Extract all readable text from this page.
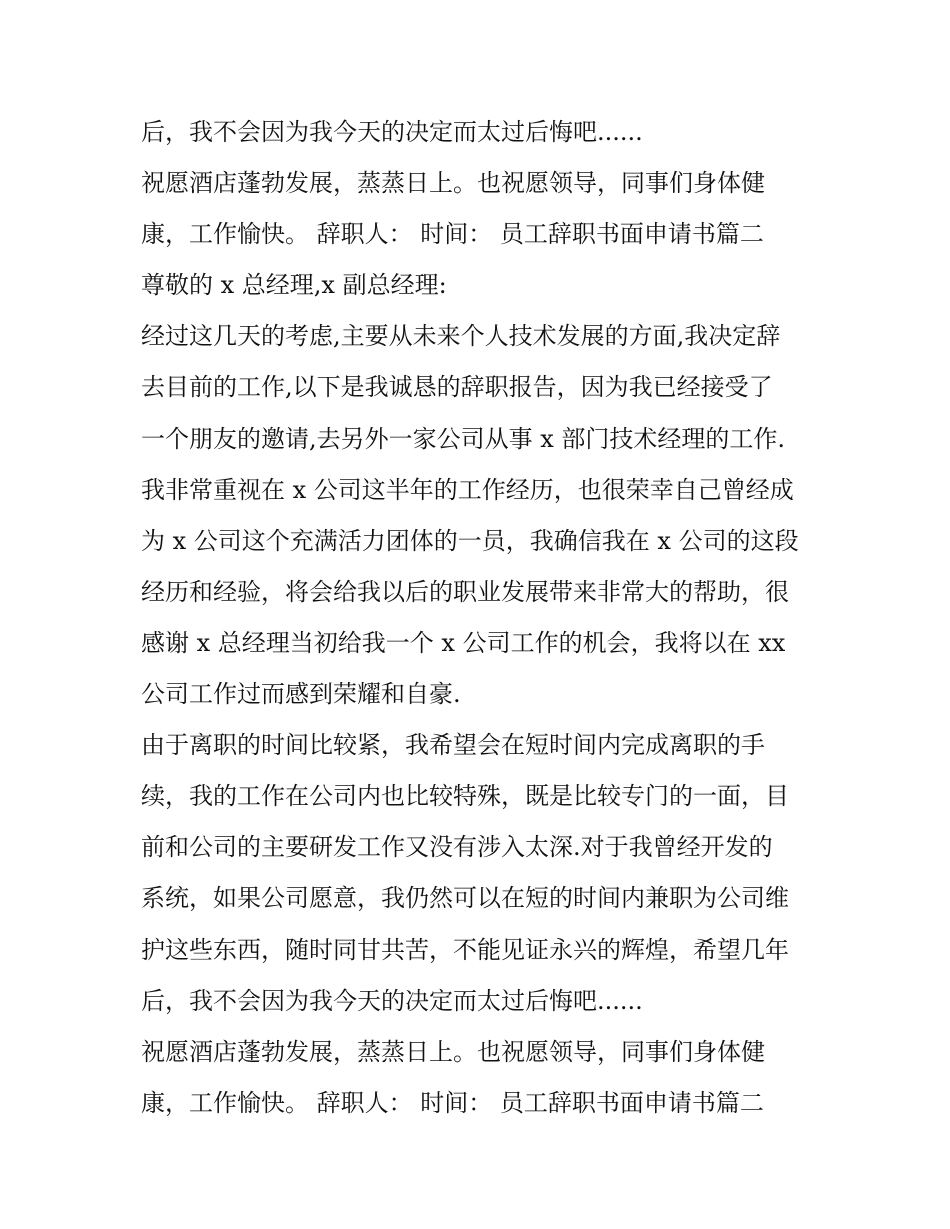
后，我不会因为我今天的决定而太过后悔吧......

祝愿酒店蓬勃发展，蒸蒸日上。也祝愿领导，同事们身体健

康，工作愉快。 辞职人： 时间： 员工辞职书面申请书篇二

尊敬的 x 总经理,x 副总经理:

经过这几天的考虑,主要从未来个人技术发展的方面,我决定辞

去目前的工作,以下是我诚恳的辞职报告，因为我已经接受了

一个朋友的邀请,去另外一家公司从事 x 部门技术经理的工作.

我非常重视在 x 公司这半年的工作经历，也很荣幸自己曾经成

为 x 公司这个充满活力团体的一员，我确信我在 x 公司的这段

经历和经验，将会给我以后的职业发展带来非常大的帮助，很

感谢 x 总经理当初给我一个 x 公司工作的机会，我将以在 xx

公司工作过而感到荣耀和自豪.

由于离职的时间比较紧，我希望会在短时间内完成离职的手

续，我的工作在公司内也比较特殊，既是比较专门的一面，目

前和公司的主要研发工作又没有涉入太深.对于我曾经开发的

系统，如果公司愿意，我仍然可以在短的时间内兼职为公司维

护这些东西，随时同甘共苦，不能见证永兴的辉煌，希望几年

后，我不会因为我今天的决定而太过后悔吧......

祝愿酒店蓬勃发展，蒸蒸日上。也祝愿领导，同事们身体健

康，工作愉快。 辞职人： 时间： 员工辞职书面申请书篇二
